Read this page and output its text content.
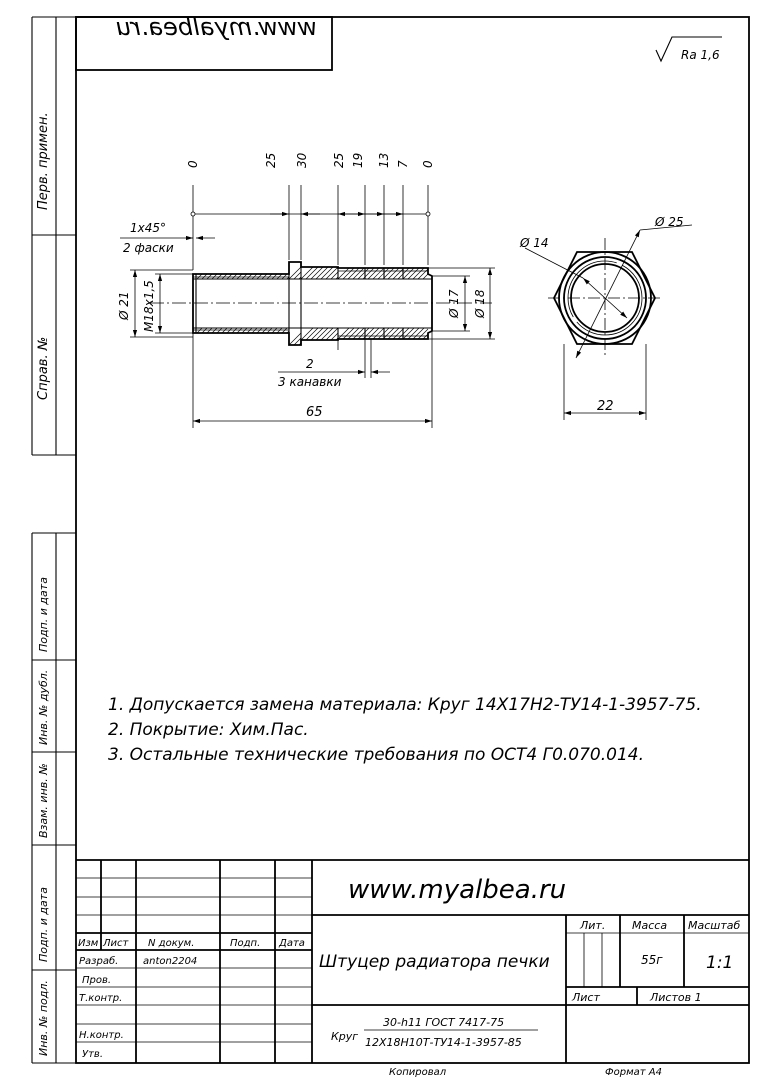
Перв. примен.
Справ. №
Подп. и дата
Инв. № дубл.
Взам. инв. №
Подп. и дата
Инв. № подл.
www.myalbea.ru
Ra 1,6
0	25 30 25 19 13 7 0
1х45°
2 фаски
Ø 21 М18х1,5	Ø 17 Ø 18
2
3 канавки
65
Ø 14
Ø 25
22
1. Допускается замена материала: Круг 14Х17Н2-ТУ14-1-3957-75.
2. Покрытие: Хим.Пас.
3. Остальные технические требования по ОСТ4 Г0.070.014.
www.myalbea.ru
Изм Лист N докум.	Подп. Дата
Разраб. anton2204
Пров.
Т.контр.
Н.контр.
Утв.
Штуцер радиатора печки
Круг
30-h11 ГОСТ 7417-75
12Х18Н10Т-ТУ14-1-3957-85
Лит. Масса Масштаб
55г	1:1
Лист	Листов 1
Копировал	Формат А4
